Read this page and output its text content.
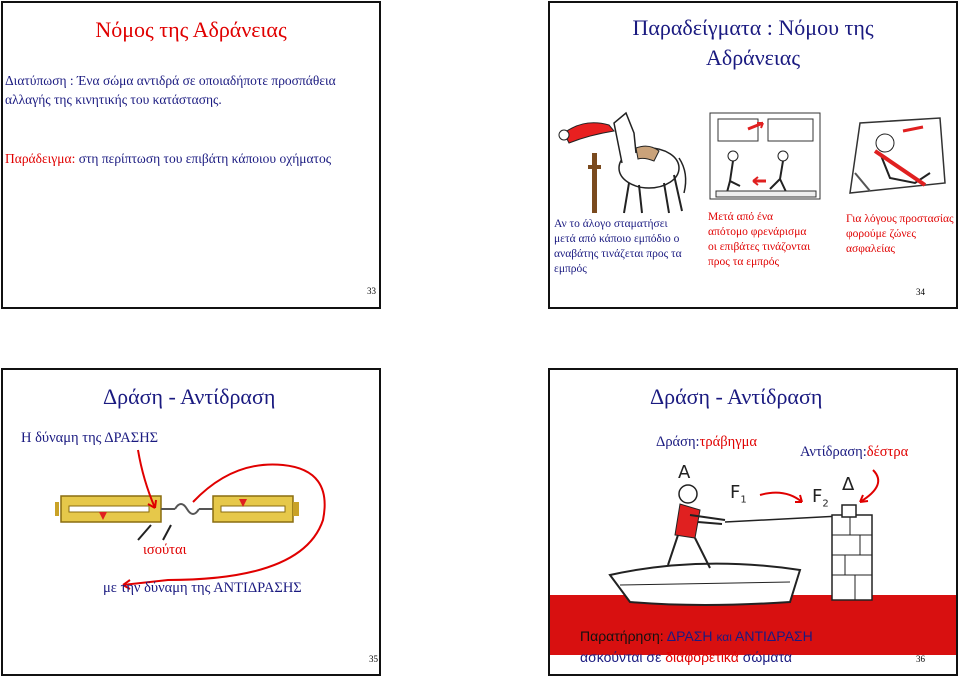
Νόμος της Αδράνειας
Διατύπωση : Ένα σώμα αντιδρά σε οποιαδήποτε προσπάθεια αλλαγής της κινητικής του κατάστασης.
Παράδειγμα: στη περίπτωση του επιβάτη κάποιου οχήματος
33
Παραδείγματα : Νόμου της
Αδράνειας
Αν το άλογο σταματήσει μετά από κάποιο εμπόδιο ο αναβάτης τινάζεται προς τα εμπρός
Μετά από ένα απότομο φρενάρισμα οι επιβάτες τινάζονται προς τα εμπρός
Για λόγους προστασίας φορούμε ζώνες ασφαλείας
34
Δράση - Αντίδραση
Η δύναμη της ΔΡΑΣΗΣ
ισούται
με την δύναμη της ΑΝΤΙΔΡΑΣΗΣ
35
Δράση - Αντίδραση
Δράση:τράβηγμα
Αντίδραση:δέστρα
Α
Δ
$F_1$	$F_2$
Παρατήρηση: ΔΡΑΣΗ και ΑΝΤΙΔΡΑΣΗ
ασκούνται σε διαφορετικά σώματα	36
